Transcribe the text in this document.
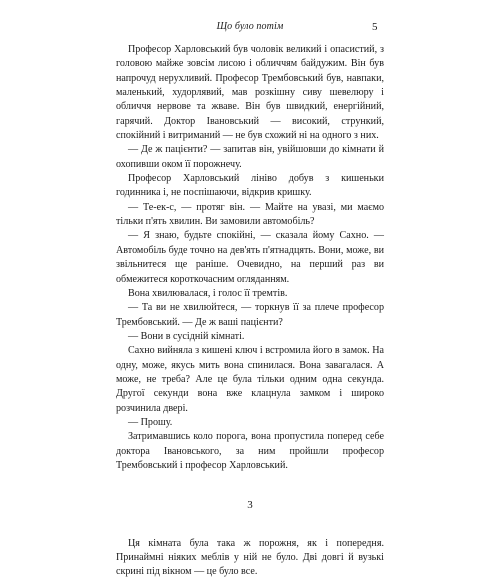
Що було потім	5

Професор Харловський був чоловік великий і опасистий, з головою майже зовсім лисою і обличчям байдужим. Він був напрочуд нерухливий. Професор Трембовський був, навпаки, маленький, худорлявий, мав розкішну сиву шевелюру і обличчя нервове та жваве. Він був швидкий, енергійний, гарячий. Доктор Івановський — високий, стрункий, спокійний і витриманий — не був схожий ні на одного з них.

— Де ж пацієнти? — запитав він, увійшовши до кімнати й охопивши оком її порожнечу.

Професор Харловський лініво добув з кишеньки годинника і, не поспішаючи, відкрив кришку.

— Те-ек-с, — протяг він. — Майте на увазі, ми маємо тільки п'ять хвилин. Ви замовили автомобіль?

— Я знаю, будьте спокійні, — сказала йому Сахно. — Автомобіль буде точно на дев'ять п'ятнадцять. Вони, може, ви звільнитеся ще раніше. Очевидно, на перший раз ви обмежитеся короткочасним огляданням.

Вона хвилювалася, і голос її тремтів.

— Та ви не хвилюйтеся, — торкнув її за плече професор Трембовський. — Де ж ваші пацієнти?

— Вони в сусідній кімнаті.

Сахно вийняла з кишені ключ і встромила його в замок. На одну, може, якусь мить вона спинилася. Вона завагалася. А може, не треба? Але це була тільки одним одна секунда. Другої секунди вона вже клацнула замком і широко розчинила двері.

— Прошу.

Затримавшись коло порога, вона пропустила поперед себе доктора Івановського, за ним пройшли професор Трембовський і професор Харловський.

3

Ця кімната була така ж порожня, як і попередня. Принаймні ніяких меблів у ній не було. Дві довгі й вузькі скрині під вікном — це було все.
